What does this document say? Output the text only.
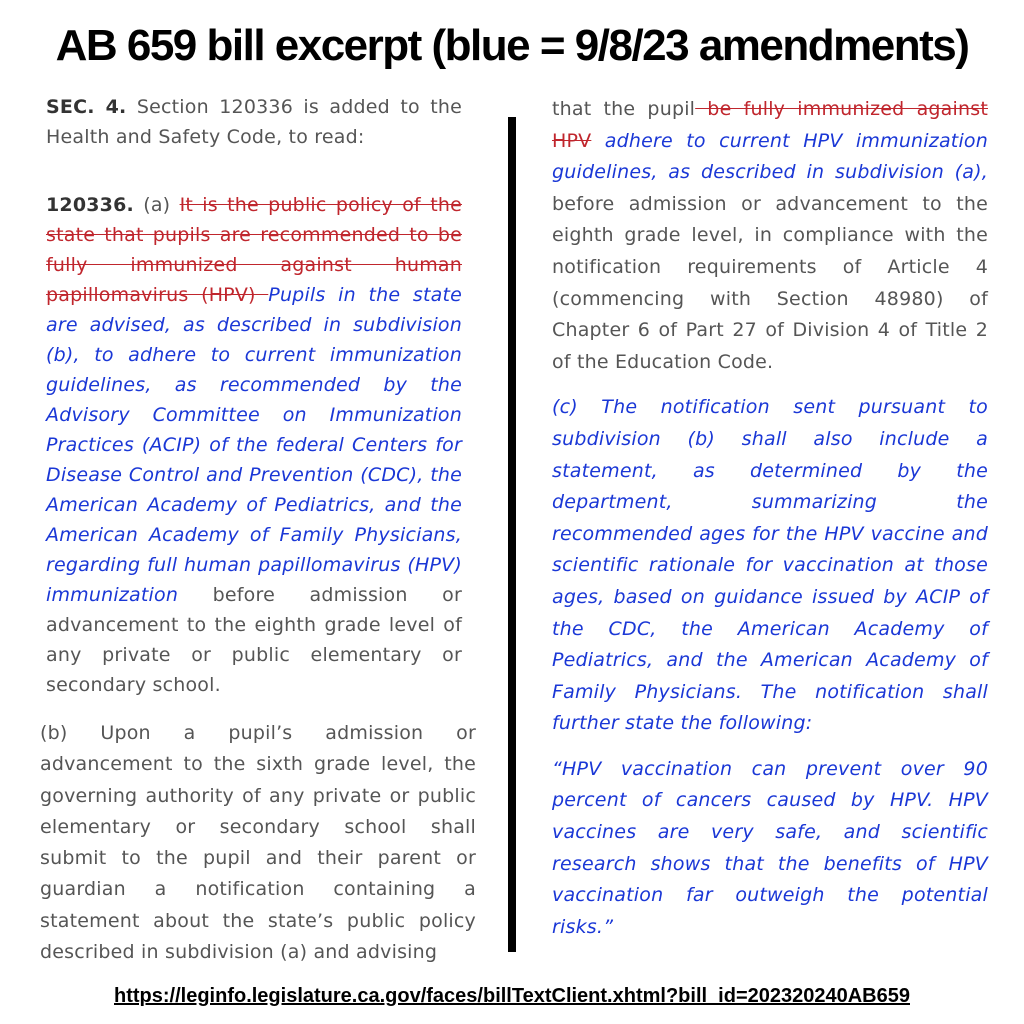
AB 659 bill excerpt (blue = 9/8/23 amendments)

SEC. 4. Section 120336 is added to the Health and Safety Code, to read:

120336. (a) It is the public policy of the state that pupils are recommended to be fully immunized against human papillomavirus (HPV) Pupils in the state are advised, as described in subdivision (b), to adhere to current immunization guidelines, as recommended by the Advisory Committee on Immunization Practices (ACIP) of the federal Centers for Disease Control and Prevention (CDC), the American Academy of Pediatrics, and the American Academy of Family Physicians, regarding full human papillomavirus (HPV) immunization before admission or advancement to the eighth grade level of any private or public elementary or secondary school.

(b) Upon a pupil’s admission or advancement to the sixth grade level, the governing authority of any private or public elementary or secondary school shall submit to the pupil and their parent or guardian a notification containing a statement about the state’s public policy described in subdivision (a) and advising

that the pupil be fully immunized against HPV adhere to current HPV immunization guidelines, as described in subdivision (a), before admission or advancement to the eighth grade level, in compliance with the notification requirements of Article 4 (commencing with Section 48980) of Chapter 6 of Part 27 of Division 4 of Title 2 of the Education Code.

(c) The notification sent pursuant to subdivision (b) shall also include a statement, as determined by the department, summarizing the recommended ages for the HPV vaccine and scientific rationale for vaccination at those ages, based on guidance issued by ACIP of the CDC, the American Academy of Pediatrics, and the American Academy of Family Physicians. The notification shall further state the following:

“HPV vaccination can prevent over 90 percent of cancers caused by HPV. HPV vaccines are very safe, and scientific research shows that the benefits of HPV vaccination far outweigh the potential risks.”

https://leginfo.legislature.ca.gov/faces/billTextClient.xhtml?bill_id=202320240AB659
